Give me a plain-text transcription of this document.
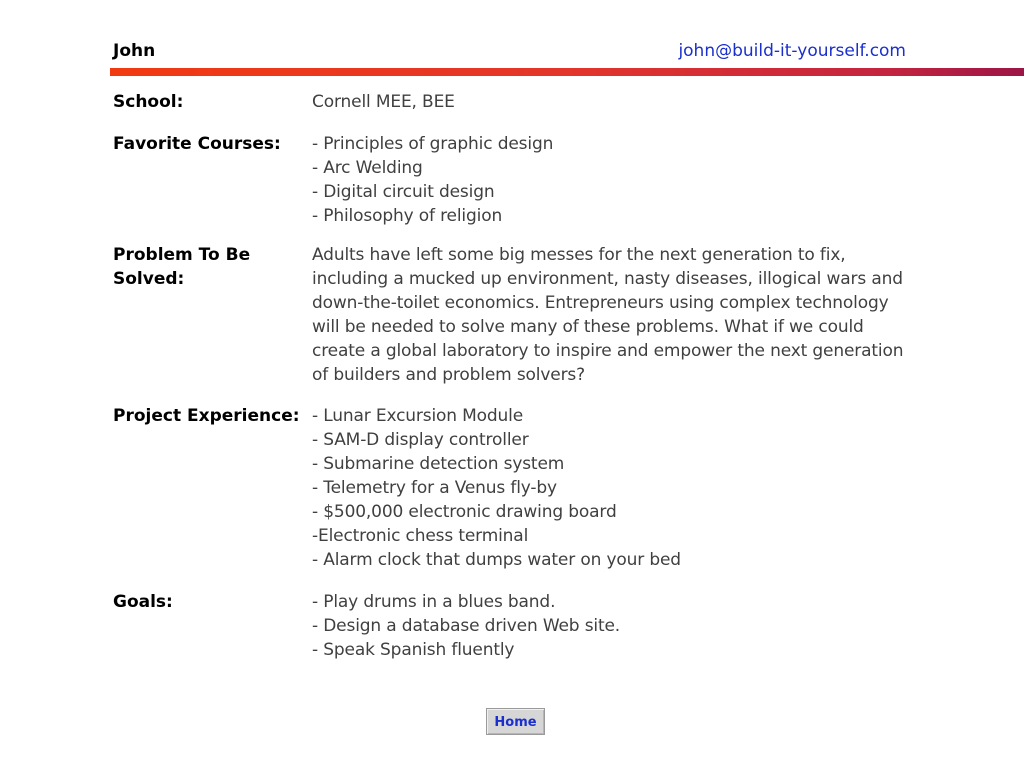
John	john@build-it-yourself.com
School:	Cornell MEE, BEE
Favorite Courses:	- Principles of graphic design
- Arc Welding
- Digital circuit design
- Philosophy of religion
Problem To Be Solved:
Adults have left some big messes for the next generation to fix,
including a mucked up environment, nasty diseases, illogical wars and
down-the-toilet economics. Entrepreneurs using complex technology
will be needed to solve many of these problems. What if we could
create a global laboratory to inspire and empower the next generation
of builders and problem solvers?
Project Experience: - Lunar Excursion Module
- SAM-D display controller
- Submarine detection system
- Telemetry for a Venus fly-by
- $500,000 electronic drawing board
-Electronic chess terminal
- Alarm clock that dumps water on your bed
Goals:	- Play drums in a blues band.
- Design a database driven Web site.
- Speak Spanish fluently
Home
